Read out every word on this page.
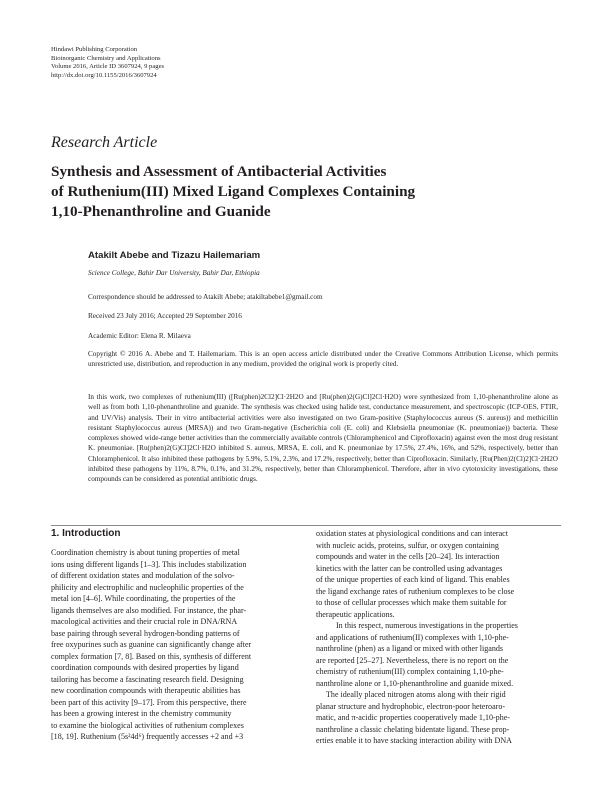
Hindawi Publishing Corporation
Bioinorganic Chemistry and Applications
Volume 2016, Article ID 3607924, 9 pages
http://dx.doi.org/10.1155/2016/3607924
Research Article
Synthesis and Assessment of Antibacterial Activities
of Ruthenium(III) Mixed Ligand Complexes Containing
1,10-Phenanthroline and Guanide
Atakilt Abebe and Tizazu Hailemariam
Science College, Bahir Dar University, Bahir Dar, Ethiopia
Correspondence should be addressed to Atakilt Abebe; atakiltabebe1@gmail.com
Received 23 July 2016; Accepted 29 September 2016
Academic Editor: Elena R. Milaeva
Copyright © 2016 A. Abebe and T. Hailemariam. This is an open access article distributed under the Creative Commons Attribution License, which permits unrestricted use, distribution, and reproduction in any medium, provided the original work is properly cited.

In this work, two complexes of ruthenium(III) ([Ru(phen)2Cl2]Cl·2H2O and [Ru(phen)2(G)Cl]2Cl·H2O) were synthesized from 1,10-phenanthroline alone as well as from both 1,10-phenanthroline and guanide. The synthesis was checked using halide test, conductance measurement, and spectroscopic (ICP-OES, FTIR, and UV/Vis) analysis. Their in vitro antibacterial activities were also investigated on two Gram-positive (Staphylococcus aureus (S. aureus)) and methicillin resistant Staphylococcus aureus (MRSA)) and two Gram-negative (Escherichia coli (E. coli) and Klebsiella pneumoniae (K. pneumoniae)) bacteria. These complexes showed wide-range better activities than the commercially available controls (Chloramphenicol and Ciprofloxacin) against even the most drug resistant K. pneumoniae. [Ru(phen)2(G)Cl]2Cl·H2O inhibited S. aureus, MRSA, E. coli, and K. pneumoniae by 17.5%, 27.4%, 16%, and 52%, respectively, better than Chloramphenicol. It also inhibited these pathogens by 5.9%, 5.1%, 2.3%, and 17.2%, respectively, better than Ciprofloxacin. Similarly, [Ru(Phen)2(Cl)2]Cl·2H2O inhibited these pathogens by 11%, 8.7%, 0.1%, and 31.2%, respectively, better than Chloramphenicol. Therefore, after in vivo cytotoxicity investigations, these compounds can be considered as potential antibiotic drugs.

1. Introduction
Coordination chemistry is about tuning properties of metal
ions using different ligands [1–3]. This includes stabilization
of different oxidation states and modulation of the solvo-
philicity and electrophilic and nucleophilic properties of the
metal ion [4–6]. While coordinating, the properties of the
ligands themselves are also modified. For instance, the phar-
macological activities and their crucial role in DNA/RNA
base pairing through several hydrogen-bonding patterns of
free oxypurines such as guanine can significantly change after
complex formation [7, 8]. Based on this, synthesis of different
coordination compounds with desired properties by ligand
tailoring has become a fascinating research field. Designing
new coordination compounds with therapeutic abilities has
been part of this activity [9–17]. From this perspective, there
has been a growing interest in the chemistry community
to examine the biological activities of ruthenium complexes
[18, 19]. Ruthenium (5s²4d⁶) frequently accesses +2 and +3
oxidation states at physiological conditions and can interact
with nucleic acids, proteins, sulfur, or oxygen containing
compounds and water in the cells [20–24]. Its interaction
kinetics with the latter can be controlled using advantages
of the unique properties of each kind of ligand. This enables
the ligand exchange rates of ruthenium complexes to be close
to those of cellular processes which make them suitable for
therapeutic applications.
In this respect, numerous investigations in the properties
and applications of ruthenium(II) complexes with 1,10-phe-
nanthroline (phen) as a ligand or mixed with other ligands
are reported [25–27]. Nevertheless, there is no report on the
chemistry of ruthenium(III) complex containing 1,10-phe-
nanthroline alone or 1,10-phenanthroline and guanide mixed.
The ideally placed nitrogen atoms along with their rigid
planar structure and hydrophobic, electron-poor heteroaro-
matic, and π-acidic properties cooperatively made 1,10-phe-
nanthroline a classic chelating bidentate ligand. These prop-
erties enable it to have stacking interaction ability with DNA
